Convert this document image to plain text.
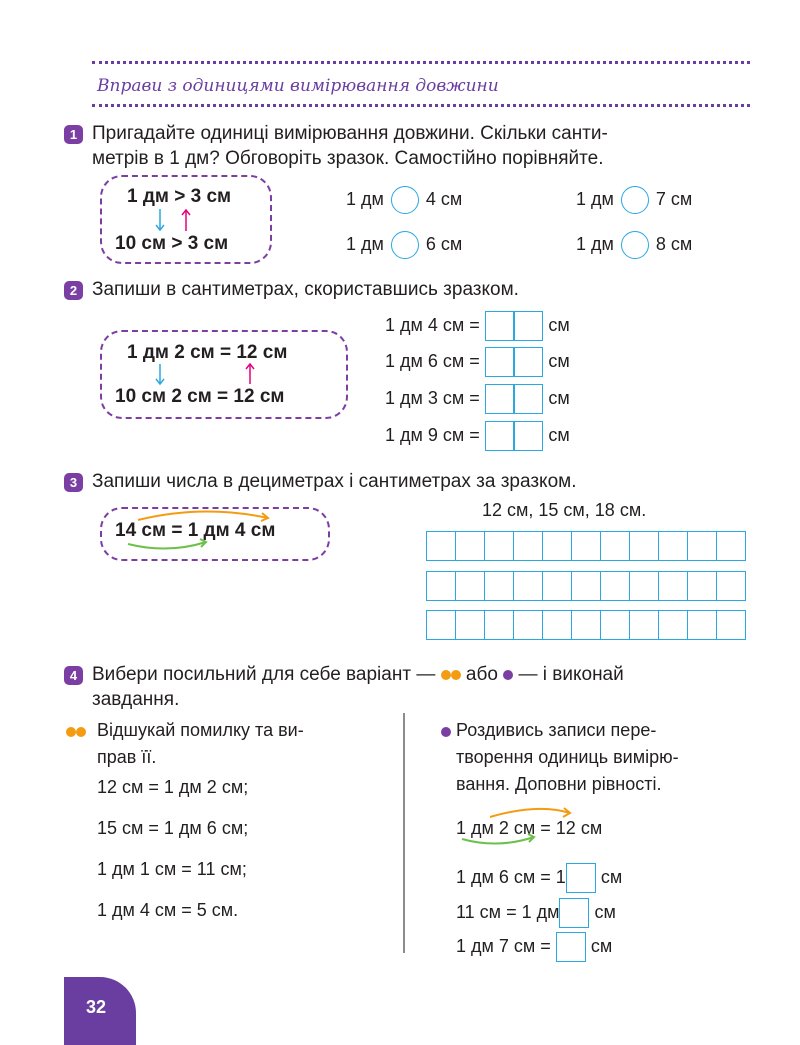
Вправи з одиницями вимірювання довжини
1 Пригадайте одиниці вимірювання довжини. Скільки санти-
метрів в 1 дм? Обговоріть зразок. Самостійно порівняйте.
1 дм > 3 см
10 см > 3 см
1 дм 4 см	1 дм 7 см
1 дм 6 см	1 дм 8 см
2 Запиши в сантиметрах, скориставшись зразком.
1 дм 2 см = 12 см
10 см 2 см = 12 см
1 дм 4 см =	см
1 дм 6 см =	см
1 дм 3 см =	см
1 дм 9 см =	см
3 Запиши числа в дециметрах і сантиметрах за зразком.
12 см, 15 см, 18 см.
14 см = 1 дм 4 см
4 Вибери посильний для себе варіант — або — і виконай
завдання.
Відшукай помилку та ви-
прав її.
12 см = 1 дм 2 см;
15 см = 1 дм 6 см;
1 дм 1 см = 11 см;
1 дм 4 см = 5 см.
Роздивись записи пере-
творення одиниць вимірю-
вання. Доповни рівності.
1 дм 2 см = 12 см
1 дм 6 см = 1 см
11 см = 1 дм см
1 дм 7 см = см
32
